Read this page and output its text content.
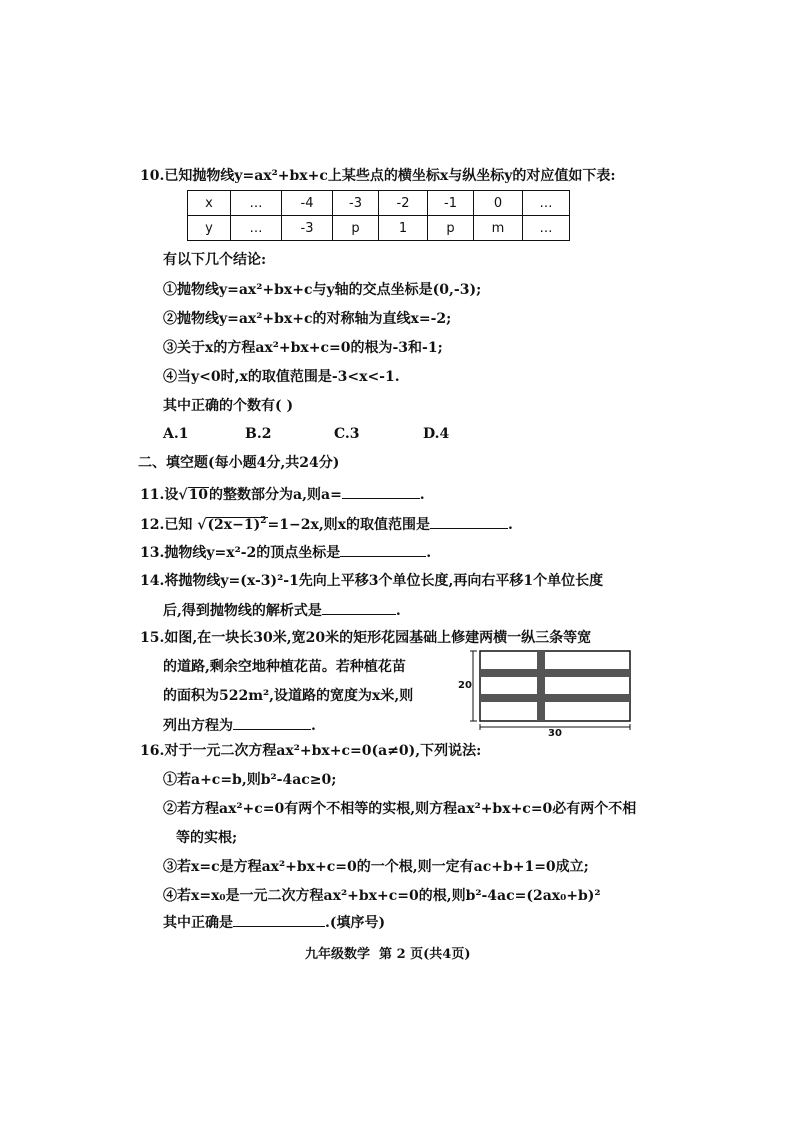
10.已知抛物线y=ax²+bx+c上某些点的横坐标x与纵坐标y的对应值如下表:
x	…	-4	-3	-2	-1	0	…
y	…	-3	p	1	p	m	…
有以下几个结论:
①抛物线y=ax²+bx+c与y轴的交点坐标是(0,-3);
②抛物线y=ax²+bx+c的对称轴为直线x=-2;
③关于x的方程ax²+bx+c=0的根为-3和-1;
④当y<0时,x的取值范围是-3<x<-1.
其中正确的个数有( )
A.1	B.2	C.3	D.4
二、填空题(每小题4分,共24分)
11.设√10的整数部分为a,则a=	.
12.已知 $√(2x-1)^2=1-2x$,则x的取值范围是	.
13.抛物线y=x²-2的顶点坐标是	.
14.将抛物线y=(x-3)²-1先向上平移3个单位长度,再向右平移1个单位长度
后,得到抛物线的解析式是	.
15.如图,在一块长30米,宽20米的矩形花园基础上修建两横一纵三条等宽
的道路,剩余空地种植花苗。若种植花苗
的面积为522m²,设道路的宽度为x米,则
列出方程为	.
20
30
16.对于一元二次方程ax²+bx+c=0(a≠0),下列说法:
①若a+c=b,则b²-4ac≥0;
②若方程ax²+c=0有两个不相等的实根,则方程ax²+bx+c=0必有两个不相
等的实根;
③若x=c是方程ax²+bx+c=0的一个根,则一定有ac+b+1=0成立;
④若x=x₀是一元二次方程ax²+bx+c=0的根,则b²-4ac=(2ax₀+b)²
其中正确是	.(填序号)
九年级数学  第 2 页(共4页)
